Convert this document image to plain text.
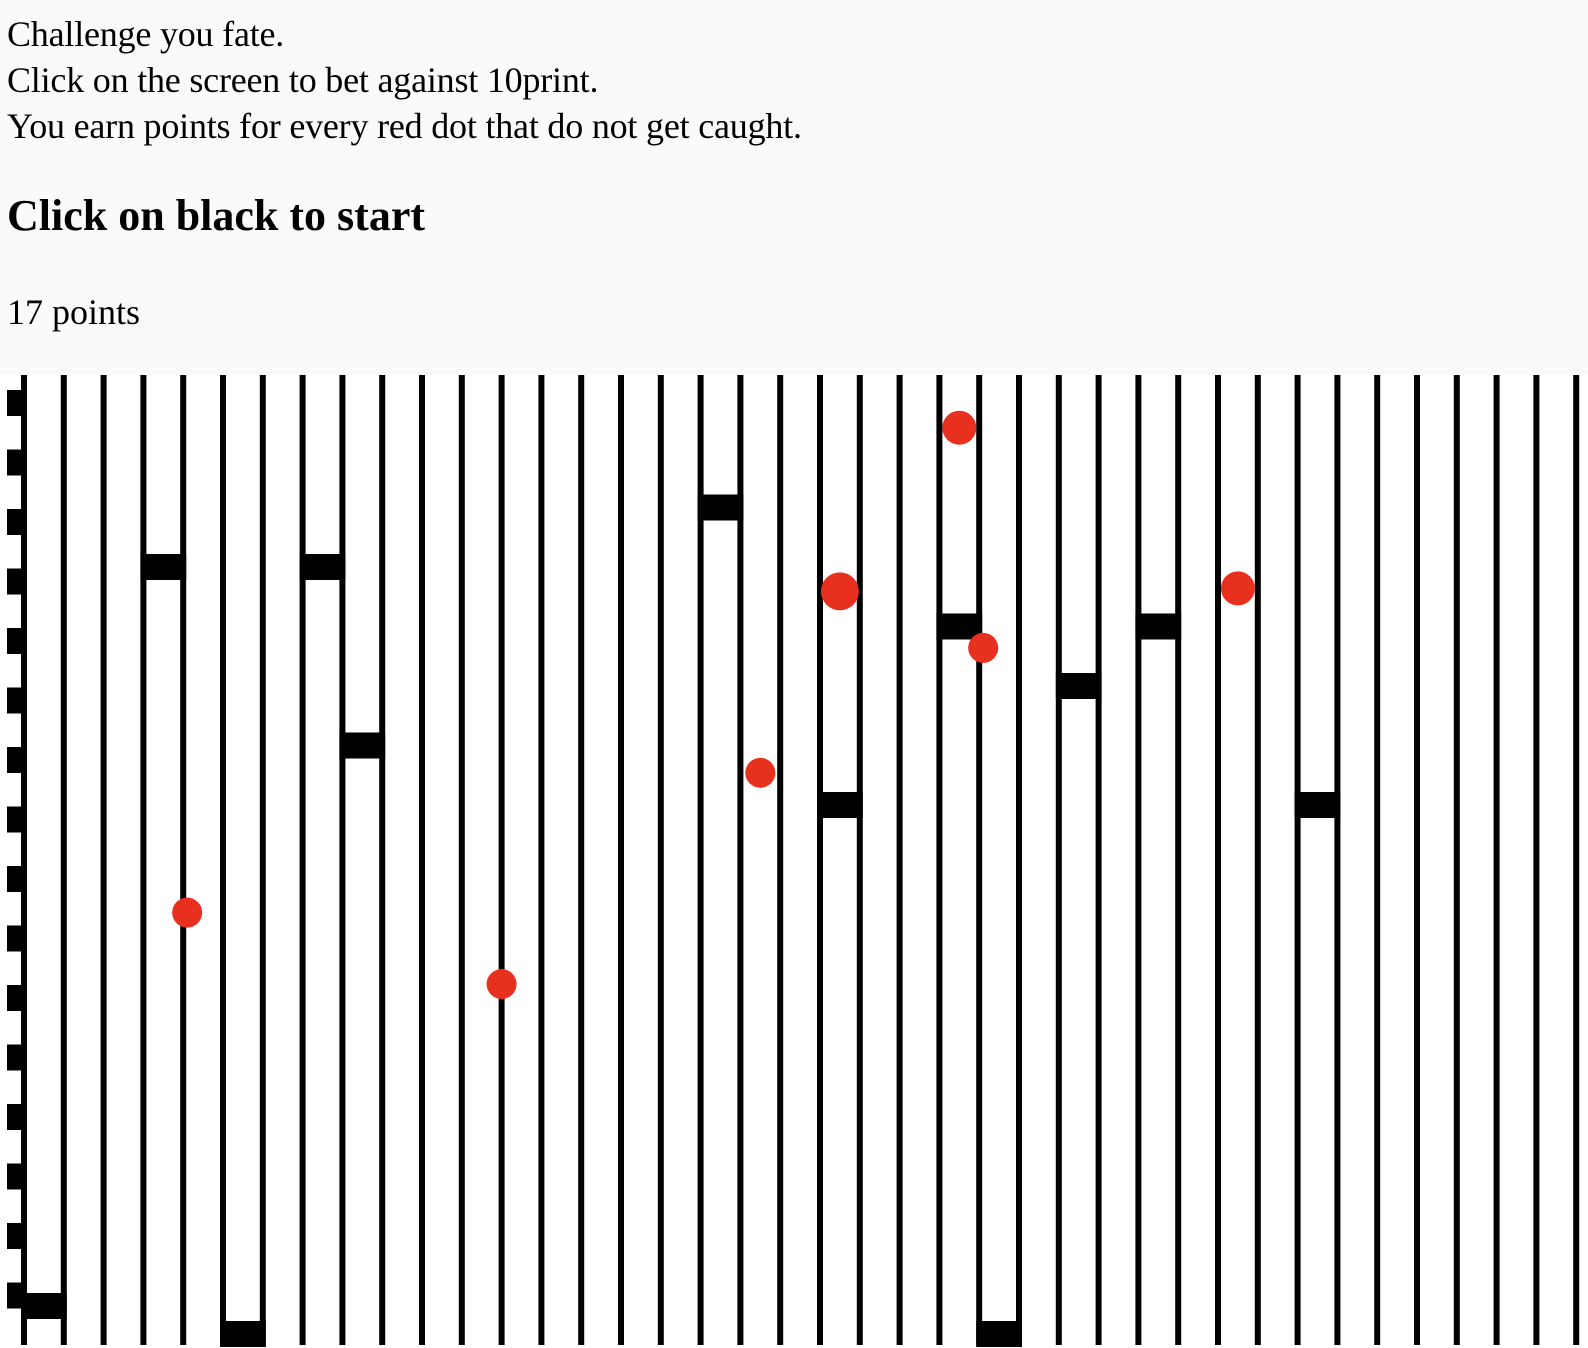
Challenge you fate.

Click on the screen to bet against 10print.

You earn points for every red dot that do not get caught.

Click on black to start
17 points
